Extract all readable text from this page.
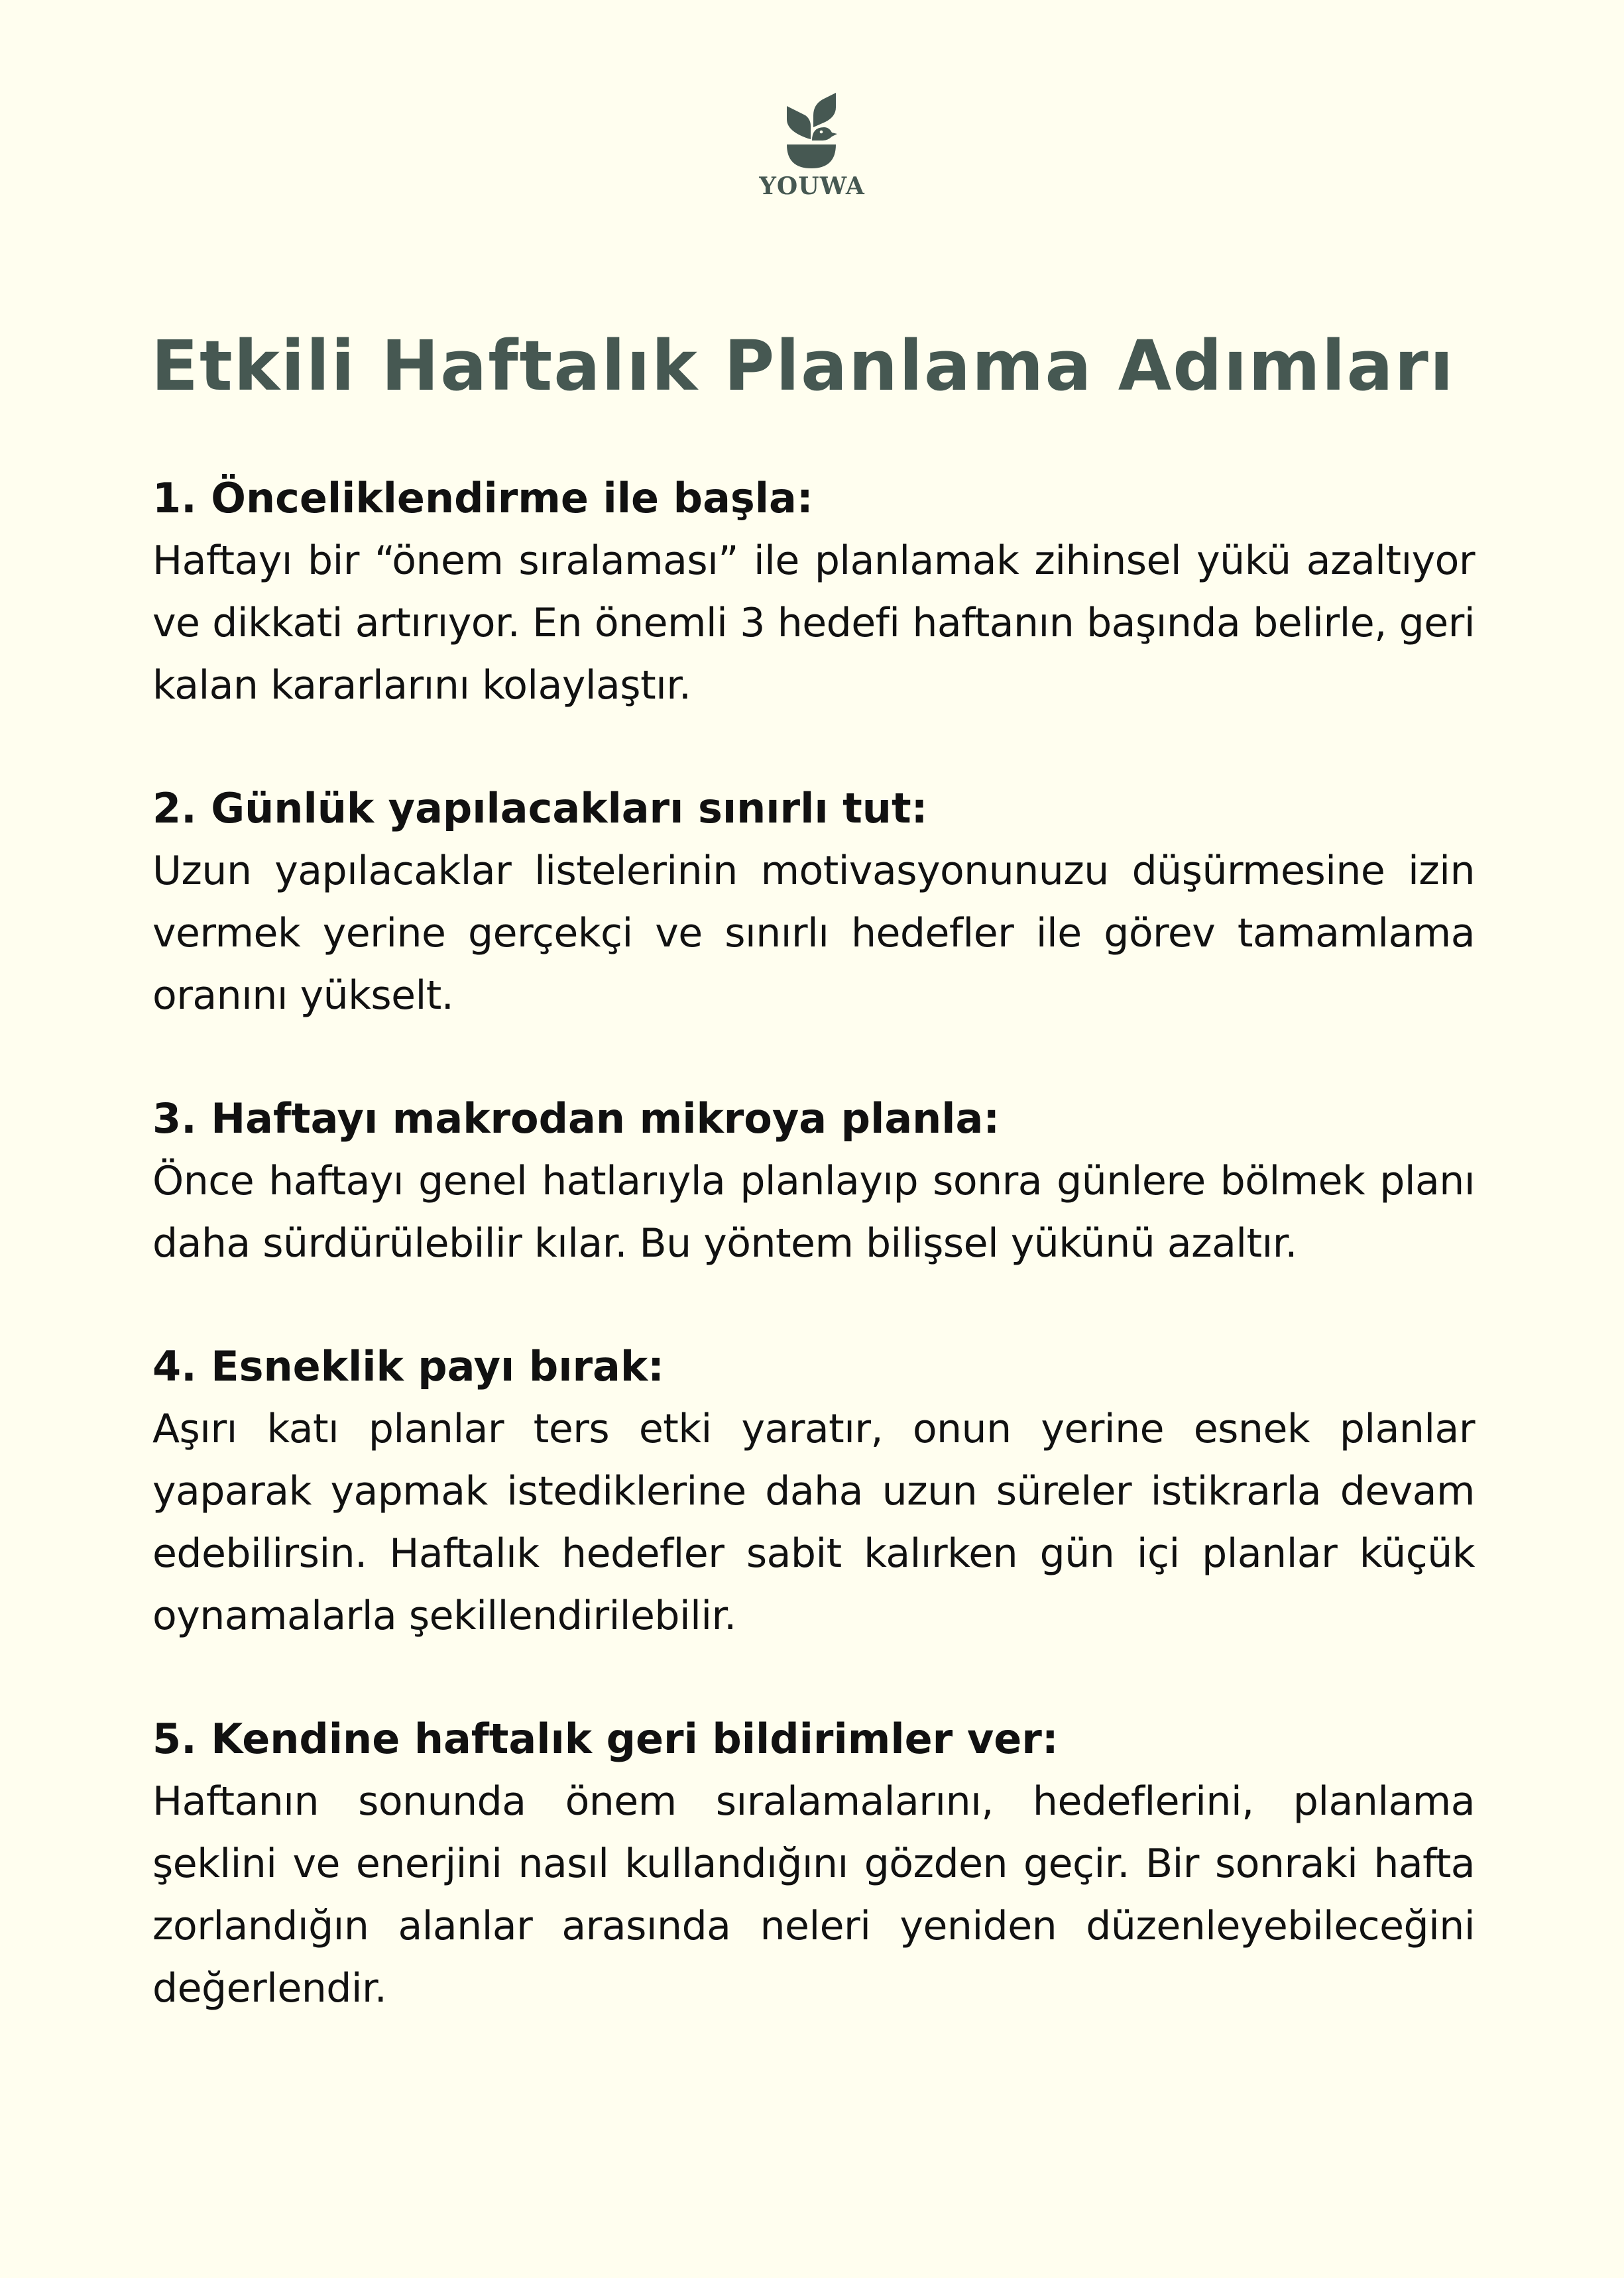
YOUWA
Etkili Haftalık Planlama Adımları
1. Önceliklendirme ile başla:

Haftayı bir “önem sıralaması” ile planlamak zihinsel yükü azaltıyor ve dikkati artırıyor. En önemli 3 hedefi haftanın başında belirle, geri kalan kararlarını kolaylaştır.

2. Günlük yapılacakları sınırlı tut:

Uzun yapılacaklar listelerinin motivasyonunuzu düşürmesine izin vermek yerine gerçekçi ve sınırlı hedefler ile görev tamamlama oranını yükselt.

3. Haftayı makrodan mikroya planla:

Önce haftayı genel hatlarıyla planlayıp sonra günlere bölmek planı daha sürdürülebilir kılar. Bu yöntem bilişsel yükünü azaltır.

4. Esneklik payı bırak:

Aşırı katı planlar ters etki yaratır, onun yerine esnek planlar yaparak yapmak istediklerine daha uzun süreler istikrarla devam edebilirsin. Haftalık hedefler sabit kalırken gün içi planlar küçük oynamalarla şekillendirilebilir.

5. Kendine haftalık geri bildirimler ver:

Haftanın sonunda önem sıralamalarını, hedeflerini, planlama şeklini ve enerjini nasıl kullandığını gözden geçir. Bir sonraki hafta zorlandığın alanlar arasında neleri yeniden düzenleyebileceğini değerlendir.
